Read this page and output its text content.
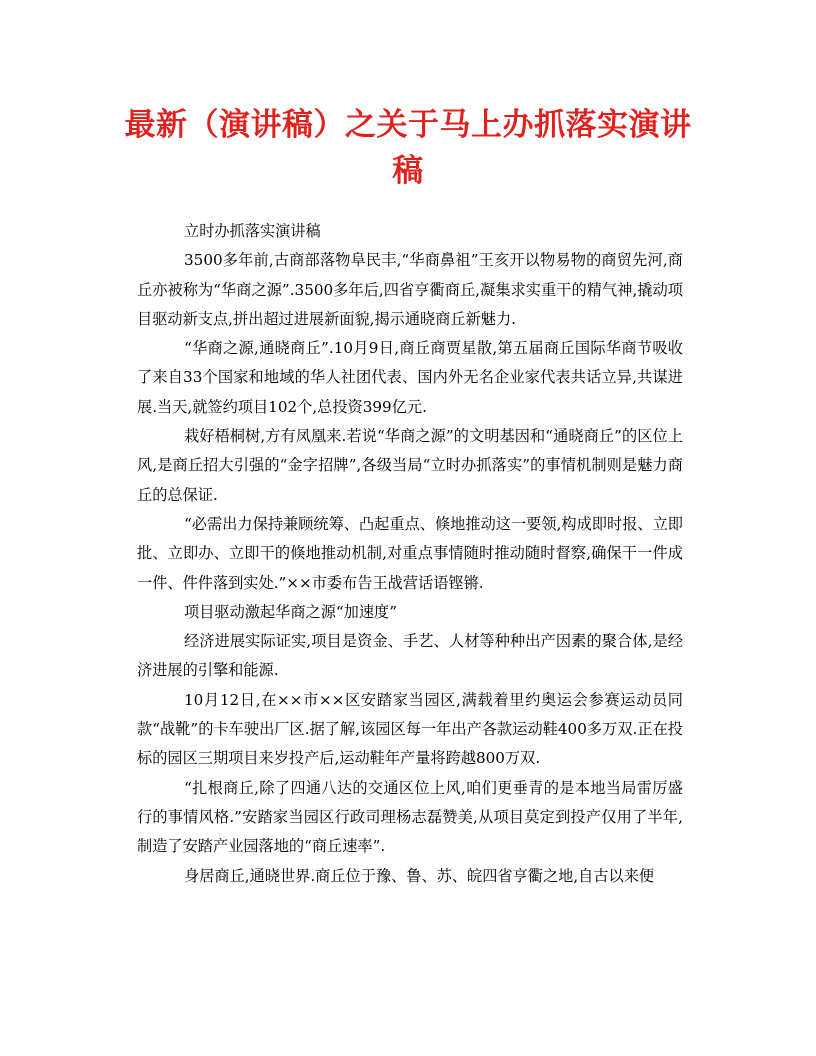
最新（演讲稿）之关于马上办抓落实演讲稿

立时办抓落实演讲稿

3500多年前,古商部落物阜民丰,“华商鼻祖”王亥开以物易物的商贸先河,商丘亦被称为“华商之源”.3500多年后,四省亨衢商丘,凝集求实重干的精气神,撬动项目驱动新支点,拼出超过进展新面貌,揭示通晓商丘新魅力.

“华商之源,通晓商丘”.10月9日,商丘商贾星散,第五届商丘国际华商节吸收了来自33个国家和地域的华人社团代表、国内外无名企业家代表共话立异,共谋进展.当天,就签约项目102个,总投资399亿元.

栽好梧桐树,方有凤凰来.若说“华商之源”的文明基因和“通晓商丘”的区位上风,是商丘招大引强的“金字招牌”,各级当局“立时办抓落实”的事情机制则是魅力商丘的总保证.

“必需出力保持兼顾统筹、凸起重点、倏地推动这一要领,构成即时报、立即批、立即办、立即干的倏地推动机制,对重点事情随时推动随时督察,确保干一件成一件、件件落到实处.”××市委布告王战营话语铿锵.

项目驱动激起华商之源“加速度”

经济进展实际证实,项目是资金、手艺、人材等种种出产因素的聚合体,是经济进展的引擎和能源.

10月12日,在××市××区安踏家当园区,满载着里约奥运会参赛运动员同款“战靴”的卡车驶出厂区.据了解,该园区每一年出产各款运动鞋400多万双.正在投标的园区三期项目来岁投产后,运动鞋年产量将跨越800万双.

“扎根商丘,除了四通八达的交通区位上风,咱们更垂青的是本地当局雷厉盛行的事情风格.”安踏家当园区行政司理杨志磊赞美,从项目莫定到投产仅用了半年,制造了安踏产业园落地的“商丘速率”.

身居商丘,通晓世界.商丘位于豫、鲁、苏、皖四省亨衢之地,自古以来便
